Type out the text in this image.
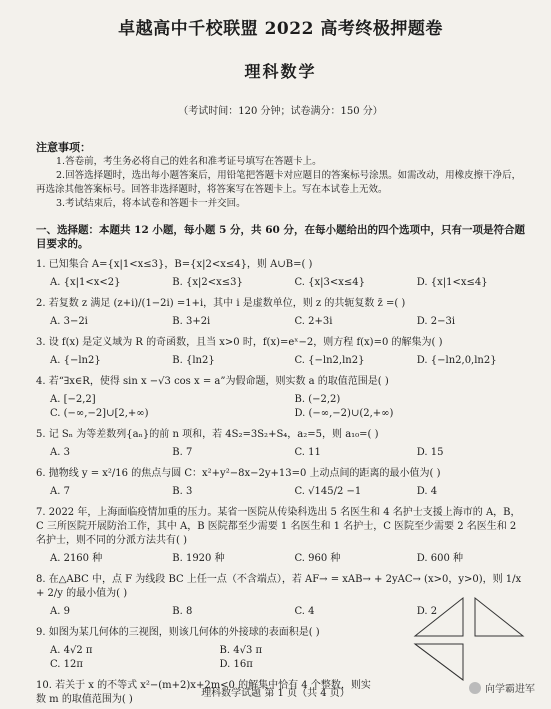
卓越高中千校联盟 2022 高考终极押题卷
理科数学
（考试时间：120 分钟；试卷满分：150 分）
注意事项：
1.答卷前，考生务必将自己的姓名和准考证号填写在答题卡上。
2.回答选择题时，选出每小题答案后，用铅笔把答题卡对应题目的答案标号涂黑。如需改动，用橡皮擦干净后，再选涂其他答案标号。回答非选择题时，将答案写在答题卡上。写在本试卷上无效。
3.考试结束后，将本试卷和答题卡一并交回。
一、选择题：本题共 12 小题，每小题 5 分，共 60 分，在每小题给出的四个选项中，只有一项是符合题目要求的。
1. 已知集合 A={x|1<x≤3}，B={x|2<x≤4}，则 A∪B=( )
A. {x|1<x<2}	B. {x|2<x≤3}	C. {x|3<x≤4}	D. {x|1<x≤4}
2. 若复数 z 满足 (z+i)/(1−2i) =1+i，其中 i 是虚数单位，则 z 的共轭复数 z̄ =( )
A. 3−2i	B. 3+2i	C. 2+3i	D. 2−3i
3. 设 f(x) 是定义域为 R 的奇函数，且当 x>0 时，f(x)=eˣ−2，则方程 f(x)=0 的解集为( )
A. {−ln2}	B. {ln2}	C. {−ln2,ln2}	D. {−ln2,0,ln2}
4. 若“∃x∈R，使得 sin x −√3 cos x = a”为假命题，则实数 a 的取值范围是( )
A. [−2,2]	B. (−2,2)
C. (−∞,−2]∪[2,+∞)	D. (−∞,−2)∪(2,+∞)
5. 记 Sₙ 为等差数列{aₙ}的前 n 项和，若 4S₂=3S₂+S₄，a₂=5，则 a₁₀=( )
A. 3	B. 7	C. 11	D. 15
6. 抛物线 y = x²/16 的焦点与圆 C：x²+y²−8x−2y+13=0 上动点间的距离的最小值为( )
A. 7	B. 3	C. √145/2 −1	D. 4
7. 2022 年，上海面临疫情加重的压力。某省一医院从传染科选出 5 名医生和 4 名护士支援上海市的 A，B，C 三所医院开展防治工作，其中 A，B 医院都至少需要 1 名医生和 1 名护士，C 医院至少需要 2 名医生和 2 名护士，则不同的分派方法共有( )
A. 2160 种	B. 1920 种	C. 960 种	D. 600 种
8. 在△ABC 中，点 F 为线段 BC 上任一点（不含端点），若 AF→ = xAB→ + 2yAC→ (x>0，y>0)，则 1/x + 2/y 的最小值为( )
A. 9	B. 8	C. 4	D. 2
9. 如图为某几何体的三视图，则该几何体的外接球的表面积是( )
A. 4√2 π	B. 4√3 π
C. 12π	D. 16π
10. 若关于 x 的不等式 x²−(m+2)x+2m<0 的解集中恰有 4 个整数，则实数 m 的取值范围为( )
理科数学试题 第 1 页（共 4 页）	向学霸进军
